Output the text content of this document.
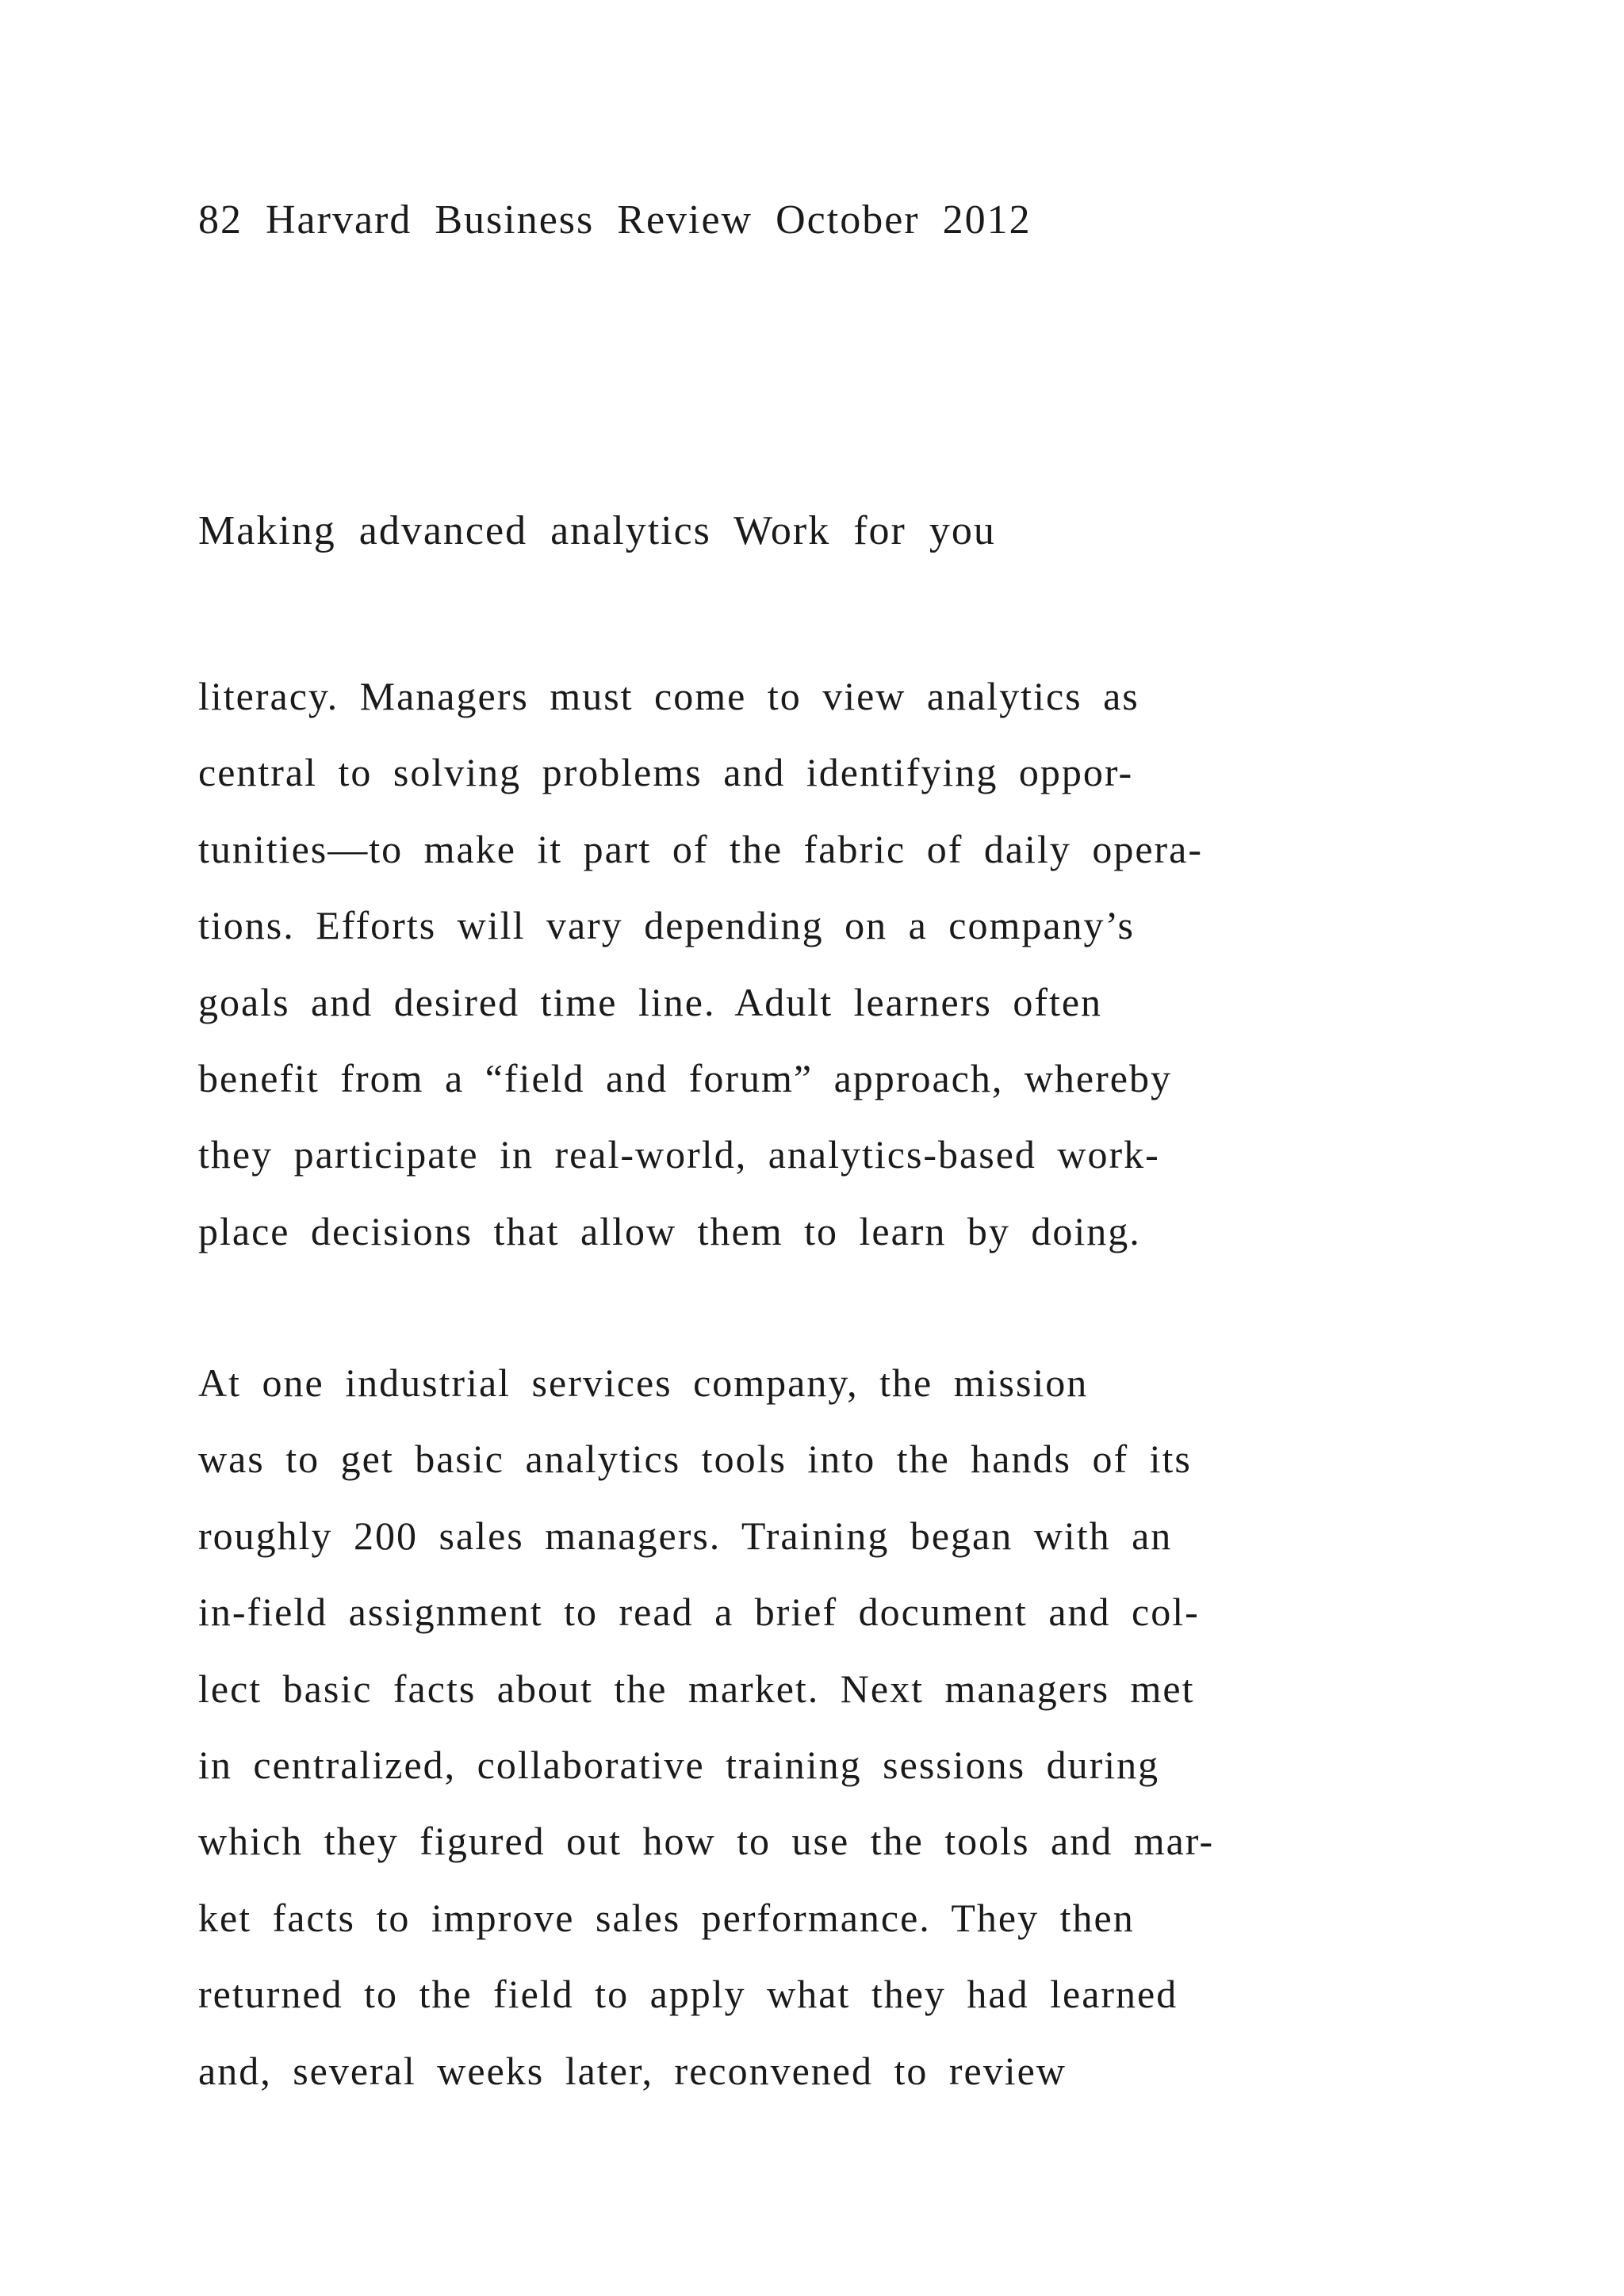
82 Harvard Business Review October 2012
Making advanced analytics Work for you

literacy. Managers must come to view analytics as
central to solving problems and identifying oppor-
tunities—to make it part of the fabric of daily opera-
tions. Efforts will vary depending on a company’s
goals and desired time line. Adult learners often
benefit from a “field and forum” approach, whereby
they participate in real-world, analytics-based work-
place decisions that allow them to learn by doing.

At one industrial services company, the mission
was to get basic analytics tools into the hands of its
roughly 200 sales managers. Training began with an
in-field assignment to read a brief document and col-
lect basic facts about the market. Next managers met
in centralized, collaborative training sessions during
which they figured out how to use the tools and mar-
ket facts to improve sales performance. They then
returned to the field to apply what they had learned
and, several weeks later, reconvened to review
